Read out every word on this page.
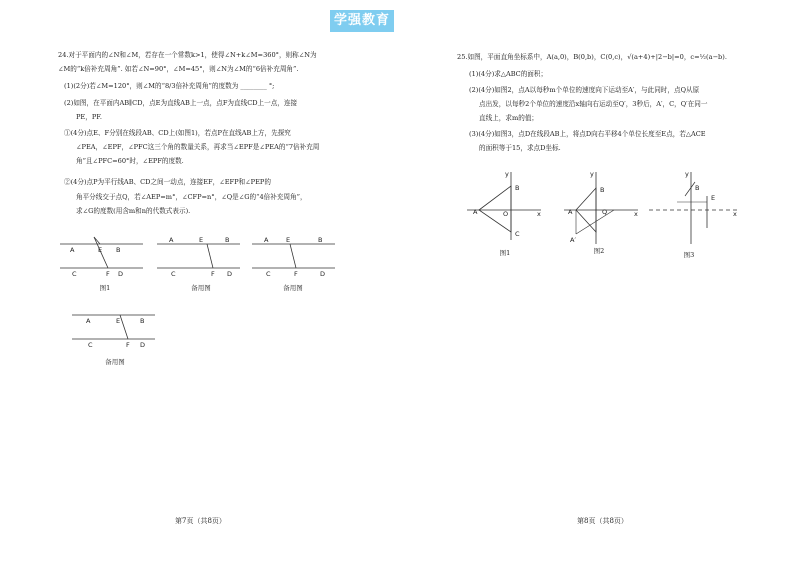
学强教育
24.对于平面内的∠N和∠M，若存在一个常数k>1，使得∠N+k∠M=360°，则称∠N为
∠M的“k倍补充周角”. 如若∠N=90°，∠M=45°，则∠N为∠M的“6倍补充周角”.
(1)(2分)若∠M=120°，则∠M的“8/3倍补充周角”的度数为 ________ °;
(2)如图，在平面内AB∥CD，点E为直线AB上一点，点F为直线CD上一点，连接
PE，PF.
①(4分)点E、F分别在线段AB、CD上(如图1)，若点P在直线AB上方，先探究
∠PEA，∠EPF，∠PFC这三个角的数量关系，再求当∠EPF是∠PEA的“7倍补充周
角”且∠PFC=60°时，∠EPF的度数.
②(4分)点P为平行线AB、CD之间一动点，连接EF，∠EFP和∠PEP的
角平分线交于点Q，若∠AEP=m°，∠CFP=n°，∠Q是∠G的“4倍补充周角”，
求∠G的度数(用含m和n的代数式表示).
A	E B
C	F D
图1
A	E	B
C	F D
备用图
A	E	B
C	F	D
备用图
A	E	B
C	F D
备用图
第7页（共8页）
25.如图，平面直角坐标系中，A(a,0)，B(0,b)，C(0,c)，√(a+4)+|2−b|=0，c=½(a−b).
(1)(4分)求△ABC的面积；
(2)(4分)如图2，点A以每秒m个单位的速度向下运动至A′，与此同时，点Q从原
点出发，以每秒2个单位的速度沿x轴向右运动至Q′，3秒后，A′，C，Q′在同一
直线上，求m的值；
(3)(4分)如图3，点D在线段AB上，将点D向右平移4个单位长度至E点，若△ACE
的面积等于15，求点D坐标.
y
x
A
B
O
C
图1
y
x
A
B
Q
A′
图2
y
x
B
E
图3
第8页（共8页）
